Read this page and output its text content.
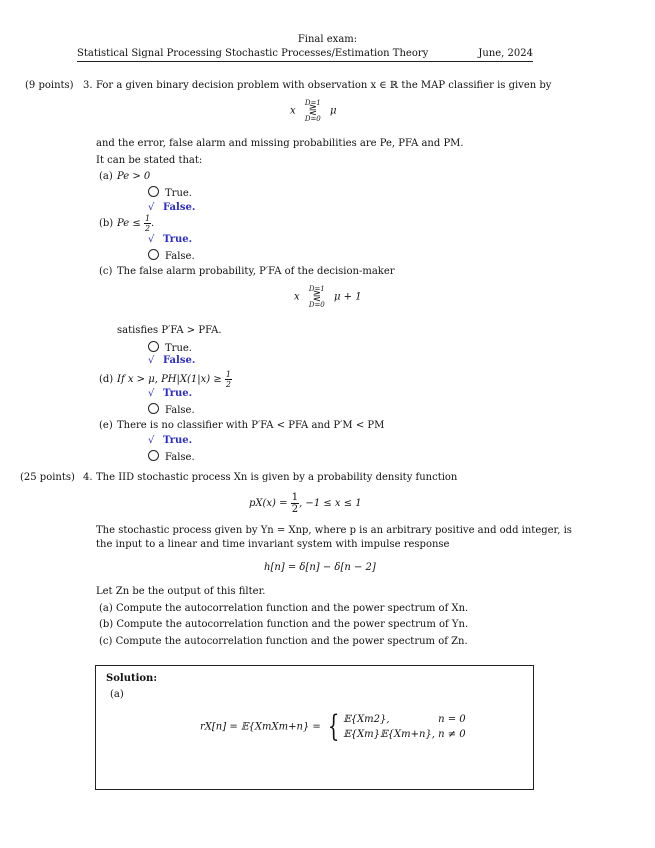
Final exam:
Statistical Signal Processing Stochastic Processes/Estimation Theory	June, 2024
(9 points) 3. For a given binary decision problem with observation x ∈ ℝ the MAP classifier is given by
x
D=1
⋛
D=0
μ
and the error, false alarm and missing probabilities are Pe, PFA and PM.
It can be stated that:
(a) Pe > 0
True.
√ False.
(b) $Pe \le \frac{1}{2}$ .
√ True.
False.
(c) The false alarm probability, P′FA of the decision-maker
x
D=1
⋛
D=0
μ + 1
satisfies P′FA > PFA.
True.
√ False.
(d) If x > μ, $PH|X(1|x) \ge \frac{1}{2}$
√ True.
False.
(e) There is no classifier with P′FA < PFA and P′M < PM
√ True.
False.
(25 points) 4. The IID stochastic process Xn is given by a probability density function
$pX(x) = \frac{1}{2}$ , −1 ≤ x ≤ 1
The stochastic process given by Yn = Xnp, where p is an arbitrary positive and odd integer, is
the input to a linear and time invariant system with impulse response
h[n] = δ[n] − δ[n − 2]
Let Zn be the output of this filter.
(a) Compute the autocorrelation function and the power spectrum of Xn.
(b) Compute the autocorrelation function and the power spectrum of Yn.
(c) Compute the autocorrelation function and the power spectrum of Zn.
Solution:
(a)
rX[n] = 𝔼{XmXm+n} = { 𝔼{Xm2},	n = 0
𝔼{Xm}𝔼{Xm+n}, n ≠ 0
